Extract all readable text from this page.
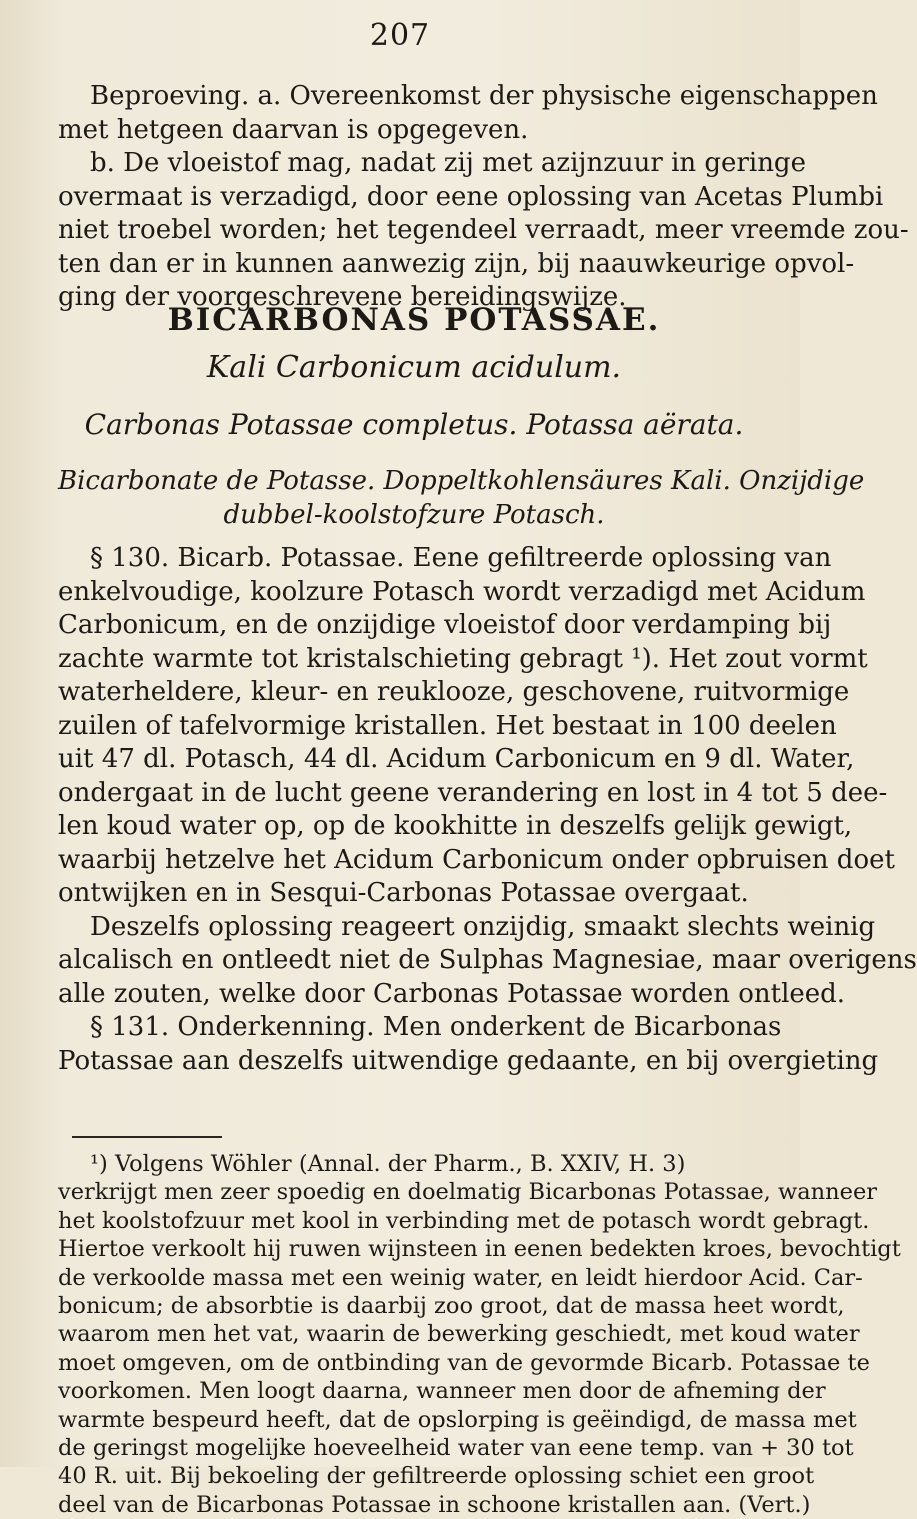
207
Beproeving. a. Overeenkomst der physische eigenschappen
met hetgeen daarvan is opgegeven.
b. De vloeistof mag, nadat zij met azijnzuur in geringe
overmaat is verzadigd, door eene oplossing van Acetas Plumbi
niet troebel worden; het tegendeel verraadt, meer vreemde zou-
ten dan er in kunnen aanwezig zijn, bij naauwkeurige opvol-
ging der voorgeschrevene bereidingswijze.
BICARBONAS POTASSAE.
Kali Carbonicum acidulum.
Carbonas Potassae completus. Potassa aërata.
Bicarbonate de Potasse. Doppeltkohlensäures Kali. Onzijdige
dubbel-koolstofzure Potasch.
§ 130. Bicarb. Potassae. Eene gefiltreerde oplossing van
enkelvoudige, koolzure Potasch wordt verzadigd met Acidum
Carbonicum, en de onzijdige vloeistof door verdamping bij
zachte warmte tot kristalschieting gebragt ¹). Het zout vormt
waterheldere, kleur- en reuklooze, geschovene, ruitvormige
zuilen of tafelvormige kristallen. Het bestaat in 100 deelen
uit 47 dl. Potasch, 44 dl. Acidum Carbonicum en 9 dl. Water,
ondergaat in de lucht geene verandering en lost in 4 tot 5 dee-
len koud water op, op de kookhitte in deszelfs gelijk gewigt,
waarbij hetzelve het Acidum Carbonicum onder opbruisen doet
ontwijken en in Sesqui-Carbonas Potassae overgaat.
Deszelfs oplossing reageert onzijdig, smaakt slechts weinig
alcalisch en ontleedt niet de Sulphas Magnesiae, maar overigens
alle zouten, welke door Carbonas Potassae worden ontleed.
§ 131. Onderkenning. Men onderkent de Bicarbonas
Potassae aan deszelfs uitwendige gedaante, en bij overgieting
¹) Volgens Wöhler (Annal. der Pharm., B. XXIV, H. 3)
verkrijgt men zeer spoedig en doelmatig Bicarbonas Potassae, wanneer
het koolstofzuur met kool in verbinding met de potasch wordt gebragt.
Hiertoe verkoolt hij ruwen wijnsteen in eenen bedekten kroes, bevochtigt
de verkoolde massa met een weinig water, en leidt hierdoor Acid. Car-
bonicum; de absorbtie is daarbij zoo groot, dat de massa heet wordt,
waarom men het vat, waarin de bewerking geschiedt, met koud water
moet omgeven, om de ontbinding van de gevormde Bicarb. Potassae te
voorkomen. Men loogt daarna, wanneer men door de afneming der
warmte bespeurd heeft, dat de opslorping is geëindigd, de massa met
de geringst mogelijke hoeveelheid water van eene temp. van + 30 tot
40 R. uit. Bij bekoeling der gefiltreerde oplossing schiet een groot
deel van de Bicarbonas Potassae in schoone kristallen aan. (Vert.)
